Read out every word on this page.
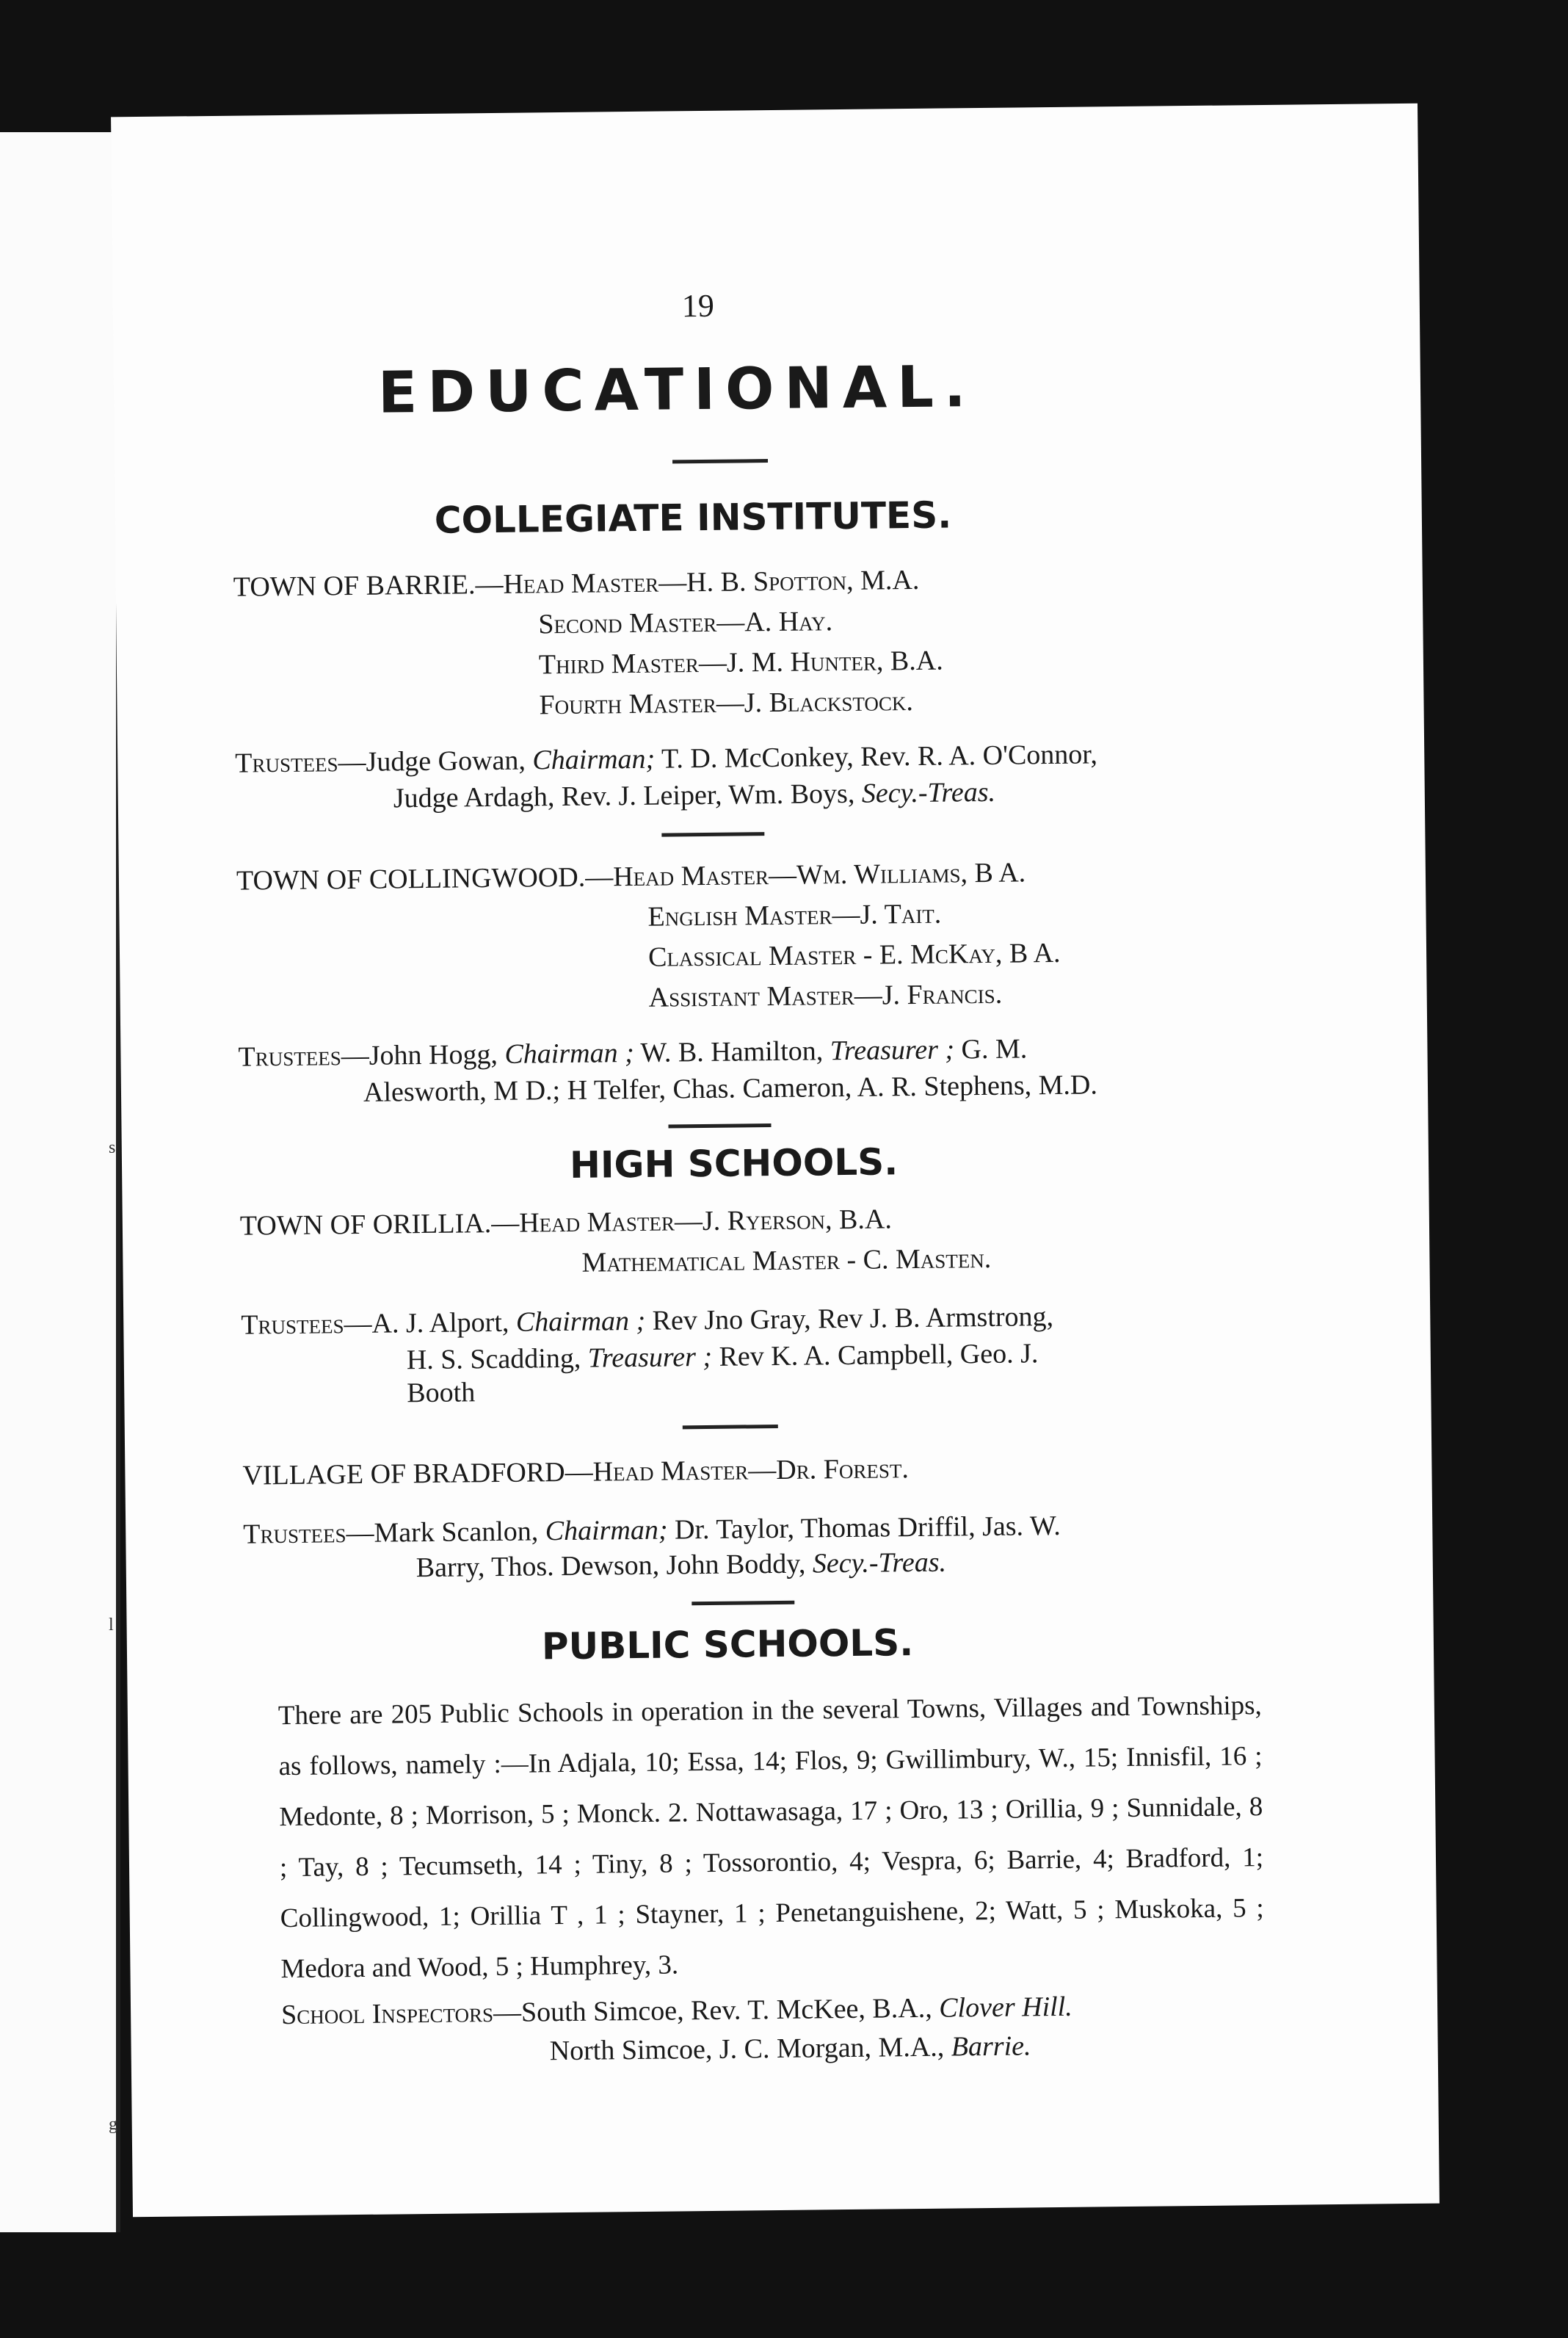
s
l
g
19
EDUCATIONAL.
COLLEGIATE INSTITUTES.
TOWN OF BARRIE.—Head Master—H. B. Spotton, M.A.
Second Master—A. Hay.
Third Master—J. M. Hunter, B.A.
Fourth Master—J. Blackstock.
Trustees—Judge Gowan, Chairman; T. D. McConkey, Rev. R. A. O'Connor,
Judge Ardagh, Rev. J. Leiper, Wm. Boys, Secy.-Treas.
TOWN OF COLLINGWOOD.—Head Master—Wm. Williams, B A.
English Master—J. Tait.
Classical Master - E. McKay, B A.
Assistant Master—J. Francis.
Trustees—John Hogg, Chairman ; W. B. Hamilton, Treasurer ; G. M.
Alesworth, M D.; H Telfer, Chas. Cameron, A. R. Stephens, M.D.
HIGH SCHOOLS.
TOWN OF ORILLIA.—Head Master—J. Ryerson, B.A.
Mathematical Master - C. Masten.
Trustees—A. J. Alport, Chairman ; Rev Jno Gray, Rev J. B. Armstrong,
H. S. Scadding, Treasurer ; Rev K. A. Campbell, Geo. J.
Booth
VILLAGE OF BRADFORD—Head Master—Dr. Forest.
Trustees—Mark Scanlon, Chairman; Dr. Taylor, Thomas Driffil, Jas. W.
Barry, Thos. Dewson, John Boddy, Secy.-Treas.
PUBLIC SCHOOLS.
There are 205 Public Schools in operation in the several Towns, Villages and Townships, as follows, namely :—In Adjala, 10; Essa, 14; Flos, 9; Gwillimbury, W., 15; Innisfil, 16 ; Medonte, 8 ; Morrison, 5 ; Monck. 2. Nottawasaga, 17 ; Oro, 13 ; Orillia, 9 ; Sunnidale, 8 ; Tay, 8 ; Tecumseth, 14 ; Tiny, 8 ; Tossorontio, 4; Vespra, 6; Barrie, 4; Bradford, 1; Collingwood, 1; Orillia T , 1 ; Stayner, 1 ; Penetanguishene, 2; Watt, 5 ; Muskoka, 5 ; Medora and Wood, 5 ; Humphrey, 3.
School Inspectors—South Simcoe, Rev. T. McKee, B.A., Clover Hill.
North Simcoe, J. C. Morgan, M.A., Barrie.
